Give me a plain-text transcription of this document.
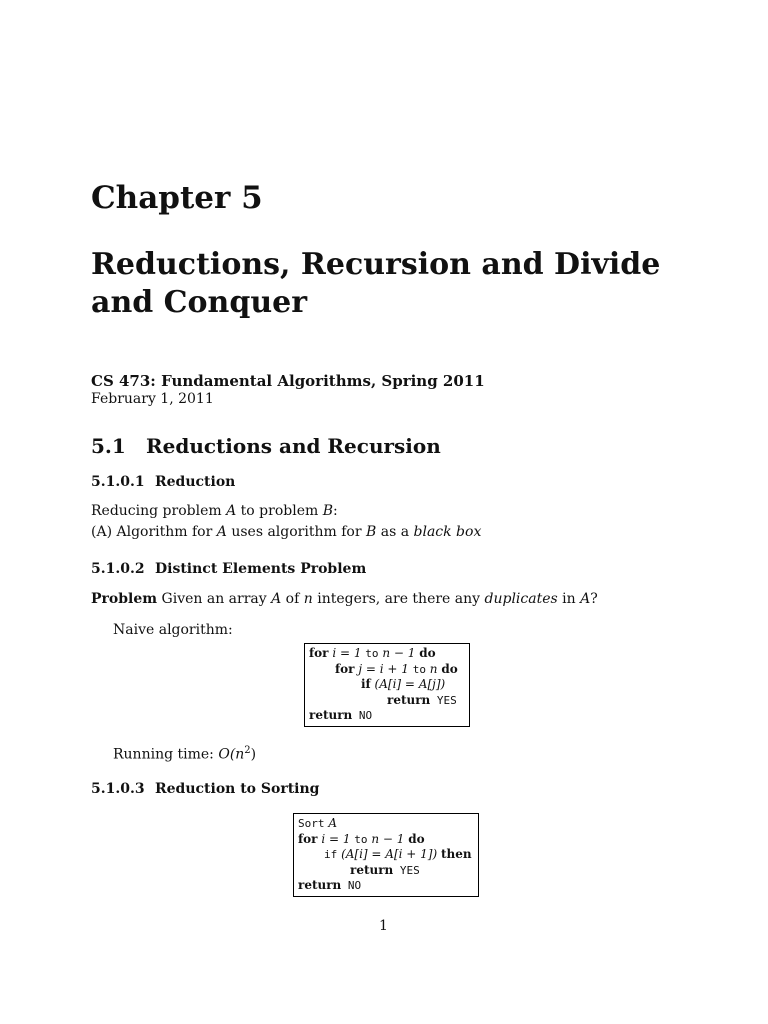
Chapter 5
Reductions, Recursion and Divide and Conquer
CS 473: Fundamental Algorithms, Spring 2011
February 1, 2011
5.1 Reductions and Recursion
5.1.0.1 Reduction
Reducing problem A to problem B:
(A) Algorithm for A uses algorithm for B as a black box
5.1.0.2 Distinct Elements Problem
Problem Given an array A of n integers, are there any duplicates in A?
Naive algorithm:
for i = 1 to n − 1 do
for j = i + 1 to n do
if (A[i] = A[j])
return YES
return NO
Running time: $O(n^2)$
5.1.0.3 Reduction to Sorting
Sort A
for i = 1 to n − 1 do
if (A[i] = A[i + 1]) then
return YES
return NO
1
